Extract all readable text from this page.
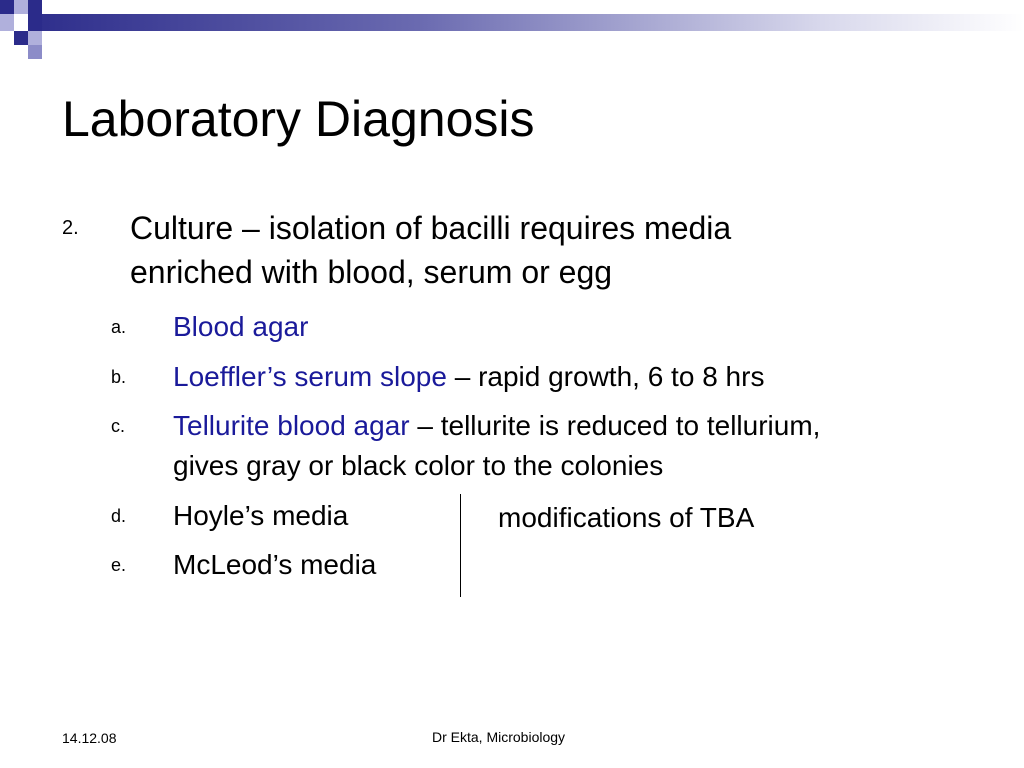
Laboratory Diagnosis
2. Culture – isolation of bacilli requires media
enriched with blood, serum or egg
a. Blood agar
b. Loeffler’s serum slope – rapid growth, 6 to 8 hrs
c. Tellurite blood agar – tellurite is reduced to tellurium,
gives gray or black color to the colonies
d. Hoyle’s media
e. McLeod’s media
modifications of TBA
14.12.08	Dr Ekta, Microbiology
